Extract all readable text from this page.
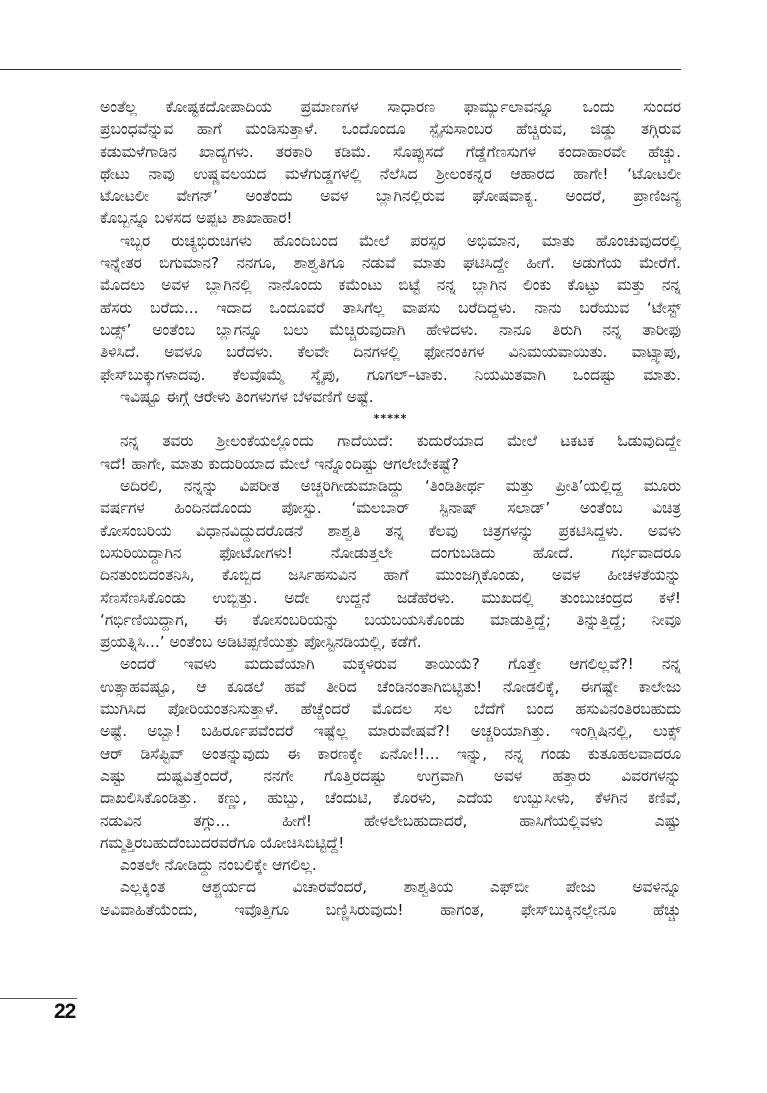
ಅಂತೆಲ್ಲ ಕೋಷ್ಟಕದೋಪಾದಿಯ ಪ್ರಮಾಣಗಳ ಸಾಧಾರಣ ಫಾರ್ಮ್ಯುಲಾವನ್ನೂ ಒಂದು ಸುಂದರ
ಪ್ರಬಂಧವೆನ್ನುವ ಹಾಗೆ ಮಂಡಿಸುತ್ತಾಳೆ. ಒಂದೊಂದೂ ಸ್ಪೈಸುಸಾಂಬರ ಹೆಚ್ಚಿರುವ, ಜಿಡ್ಡು ತಗ್ಗಿರುವ
ಕಡುಮಳೆಗಾಡಿನ ಖಾದ್ಯಗಳು. ತರಕಾರಿ ಕಡಿಮೆ. ಸೊಪ್ಪುಸದೆ ಗೆಡ್ಡೆಗೆಣಸುಗಳ ಕಂದಾಹಾರವೇ ಹೆಚ್ಚು.
ಥೇಟು ನಾವು ಉಷ್ಣವಲಯದ ಮಳೆಗುಡ್ಡಗಳಲ್ಲಿ ನೆಲೆಸಿದ ಶ್ರೀಲಂಕನ್ನರ ಆಹಾರದ ಹಾಗೇ! ‘ಟೋಟಲೀ
ಟೋಟಲೀ ವೇಗನ್’ ಅಂತೆಂದು ಅವಳ ಬ್ಲಾಗಿನಲ್ಲಿರುವ ಘೋಷವಾಕ್ಯ. ಅಂದರೆ, ಪ್ರಾಣಿಜನ್ಯ
ಕೊಬ್ಬನ್ನೂ ಬಳಸದ ಅಪ್ಪಟ ಶಾಖಾಹಾರ!
ಇಬ್ಬರ ರುಚ್ಯಭಿರುಚಿಗಳು ಹೊಂದಿಬಂದ ಮೇಲೆ ಪರಸ್ಪರ ಅಭಿಮಾನ, ಮಾತು ಹೊಂಚುವುದರಲ್ಲಿ
ಇನ್ನೇತರ ಬಿಗುಮಾನ? ನನಗೂ, ಶಾಶ್ವತಿಗೂ ನಡುವೆ ಮಾತು ಘಟಿಸಿದ್ದೇ ಹೀಗೆ. ಅಡುಗೆಯ ಮೇರೆಗೆ.
ಮೊದಲು ಅವಳ ಬ್ಲಾಗಿನಲ್ಲಿ ನಾನೊಂದು ಕಮೆಂಟು ಬಿಟ್ಟೆ ನನ್ನ ಬ್ಲಾಗಿನ ಲಿಂಕು ಕೊಟ್ಟು ಮತ್ತು ನನ್ನ
ಹೆಸರು ಬರೆದು... ಇದಾದ ಒಂದೂವರೆ ತಾಸಿಗೆಲ್ಲ ವಾಪಸು ಬರೆದಿದ್ದಳು. ನಾನು ಬರೆಯುವ ‘ಟೇಸ್ಟ್
ಬಡ್ಸ್’ ಅಂತೆಂಬ ಬ್ಲಾಗನ್ನೂ ಬಲು ಮೆಚ್ಚಿರುವುದಾಗಿ ಹೇಳಿದಳು. ನಾನೂ ತಿರುಗಿ ನನ್ನ ತಾರೀಫು
ತಿಳಿಸಿದೆ. ಅವಳೂ ಬರೆದಳು. ಕೆಲವೇ ದಿನಗಳಲ್ಲಿ ಫೋನಂಕಿಗಳ ವಿನಿಮಯವಾಯಿತು. ವಾಟ್ಸ್ಯಾಪು,
ಫೇಸ್‌ಬುಕ್ಕುಗಳಾದವು. ಕೆಲವೊಮ್ಮೆ ಸ್ಕೈಪು, ಗೂಗಲ್–ಟಾಕು. ನಿಯಮಿತವಾಗಿ ಒಂದಷ್ಟು ಮಾತು.
ಇವಿಷ್ಟೂ ಈಗ್ಗೆ ಆರೇಳು ತಿಂಗಳುಗಳ ಬೆಳವಣಿಗೆ ಅಷ್ಟೆ.
*****
ನನ್ನ ತವರು ಶ್ರೀಲಂಕೆಯಲ್ಲೊಂದು ಗಾದೆಯಿದೆ: ಕುದುರೆಯಾದ ಮೇಲೆ ಟಕಟಕ ಓಡುವುದಿದ್ದೇ
ಇದೆ! ಹಾಗೇ, ಮಾತು ಕುದುರಿಯಾದ ಮೇಲೆ ಇನ್ನೊಂದಿಷ್ಟು ಆಗಲೇಬೇಕಷ್ಟೆ?
ಅದಿರಲಿ, ನನ್ನನ್ನು ವಿಪರೀತ ಅಚ್ಚರಿಗೀಡುಮಾಡಿದ್ದು ‘ತಿಂಡಿತೀರ್ಥ ಮತ್ತು ಪ್ರೀತಿ’ಯಲ್ಲಿದ್ದ ಮೂರು
ವರ್ಷಗಳ ಹಿಂದಿನದೊಂದು ಪೋಸ್ಟು. ‘ಮಲಬಾರ್ ಸ್ಪಿನಾಷ್ ಸಲಾಡ್’ ಅಂತೆಂಬ ವಿಚಿತ್ರ
ಕೋಸಂಬರಿಯ ವಿಧಾನವಿದ್ದುದರೊಡನೆ ಶಾಶ್ವತಿ ತನ್ನ ಕೆಲವು ಚಿತ್ರಗಳನ್ನು ಪ್ರಕಟಿಸಿದ್ದಳು. ಅವಳು
ಬಸುರಿಯಿದ್ದಾಗಿನ ಫೋಟೋಗಳು! ನೋಡುತ್ತಲೇ ದಂಗುಬಡಿದು ಹೋದೆ. ಗರ್ಭವಾದರೂ
ದಿನತುಂಬಿದಂತನಿಸಿ, ಕೊಬ್ಬಿದ ಜರ್ಸಿಹಸುವಿನ ಹಾಗೆ ಮುಂಜಗ್ಗಿಕೊಂಡು, ಅವಳ ಹೀಚಳತೆಯನ್ನು
ಸೆಣಸೆಣಸಿಕೊಂಡು ಉಬ್ಬಿತ್ತು. ಅದೇ ಉದ್ದನೆ ಜಡೆಹೆರಳು. ಮುಖದಲ್ಲಿ ತುಂಬುಚಂದ್ರದ ಕಳೆ!
‘ಗರ್ಭಿಣಿಯಿದ್ದಾಗ, ಈ ಕೋಸಂಬರಿಯನ್ನು ಬಯಬಯಸಿಕೊಂಡು ಮಾಡುತ್ತಿದ್ದೆ; ತಿನ್ನುತ್ತಿದ್ದೆ; ನೀವೂ
ಪ್ರಯತ್ನಿಸಿ...’ ಅಂತೆಂಬ ಅಡಿಟಿಪ್ಪಣಿಯಿತ್ತು ಪೋಸ್ಟಿನಡಿಯಲ್ಲಿ, ಕಡೆಗೆ.
ಅಂದರೆ ಇವಳು ಮದುವೆಯಾಗಿ ಮಕ್ಕಳಿರುವ ತಾಯಿಯೆ? ಗೊತ್ತೇ ಆಗಲಿಲ್ಲವೆ?! ನನ್ನ
ಉತ್ಸಾಹವಷ್ಟೂ, ಆ ಕೂಡಲೆ ಹವೆ ತೀರಿದ ಚೆಂಡಿನಂತಾಗಿಬಿಟ್ಟಿತು! ನೋಡಲಿಕ್ಕೆ, ಈಗಷ್ಟೇ ಕಾಲೇಜು
ಮುಗಿಸಿದ ಪೋರಿಯಂತನಿಸುತ್ತಾಳೆ. ಹೆಚ್ಚೆಂದರೆ ಮೊದಲ ಸಲ ಬೆದೆಗೆ ಬಂದ ಹಸುವಿನಂತಿರಬಹುದು
ಅಷ್ಟೆ. ಅಬ್ಬಾ! ಬಹಿರ್ರೂಪವೆಂದರೆ ಇಷ್ಟೆಲ್ಲ ಮಾರುವೇಷವೆ?! ಅಚ್ಚರಿಯಾಗಿತ್ತು. ಇಂಗ್ಲಿಷಿನಲ್ಲಿ, ಲುಕ್ಸ್
ಆರ್ ಡಿಸೆಪ್ಟಿವ್ ಅಂತನ್ನುವುದು ಈ ಕಾರಣಕ್ಕೇ ಏನೋ!!... ಇನ್ನು, ನನ್ನ ಗಂಡು ಕುತೂಹಲವಾದರೂ
ಎಷ್ಟು ದುಷ್ಟವಿತ್ತೆಂದರೆ, ನನಗೇ ಗೊತ್ತಿರದಷ್ಟು ಉಗ್ರವಾಗಿ ಅವಳ ಹತ್ತಾರು ವಿವರಗಳನ್ನು
ದಾಖಲಿಸಿಕೊಂಡಿತ್ತು. ಕಣ್ಣು, ಹುಬ್ಬು, ಚೆಂದುಟಿ, ಕೊರಳು, ಎದೆಯ ಉಬ್ಬುಸೀಳು, ಕೆಳಗಿನ ಕಣಿವೆ,
ನಡುವಿನ ತಗ್ಗು... ಹೀಗೆ! ಹೇಳಲೇಬಹುದಾದರೆ, ಹಾಸಿಗೆಯಲ್ಲಿವಳು ಎಷ್ಟು
ಗಮ್ಮತ್ತಿರಬಹುದೆಂಬುದರವರೆಗೂ ಯೋಚಿಸಿಬಿಟ್ಟಿದ್ದೆ!
ಎಂತಲೇ ನೋಡಿದ್ದು ನಂಬಲಿಕ್ಕೇ ಆಗಲಿಲ್ಲ.
ಎಲ್ಲಕ್ಕಿಂತ ಆಶ್ಚರ್ಯದ ವಿಚಾರವೆಂದರೆ, ಶಾಶ್ವತಿಯ ಎಫ್‌ಬೀ ಪೇಜು ಅವಳಿನ್ನೂ
ಅವಿವಾಹಿತೆಯೆಂದು, ಇವೊತ್ತಿಗೂ ಬಣ್ಣಿಸಿರುವುದು! ಹಾಗಂತ, ಫೇಸ್‌ಬುಕ್ಕಿನಲ್ಲೇನೂ ಹೆಚ್ಚು
22
